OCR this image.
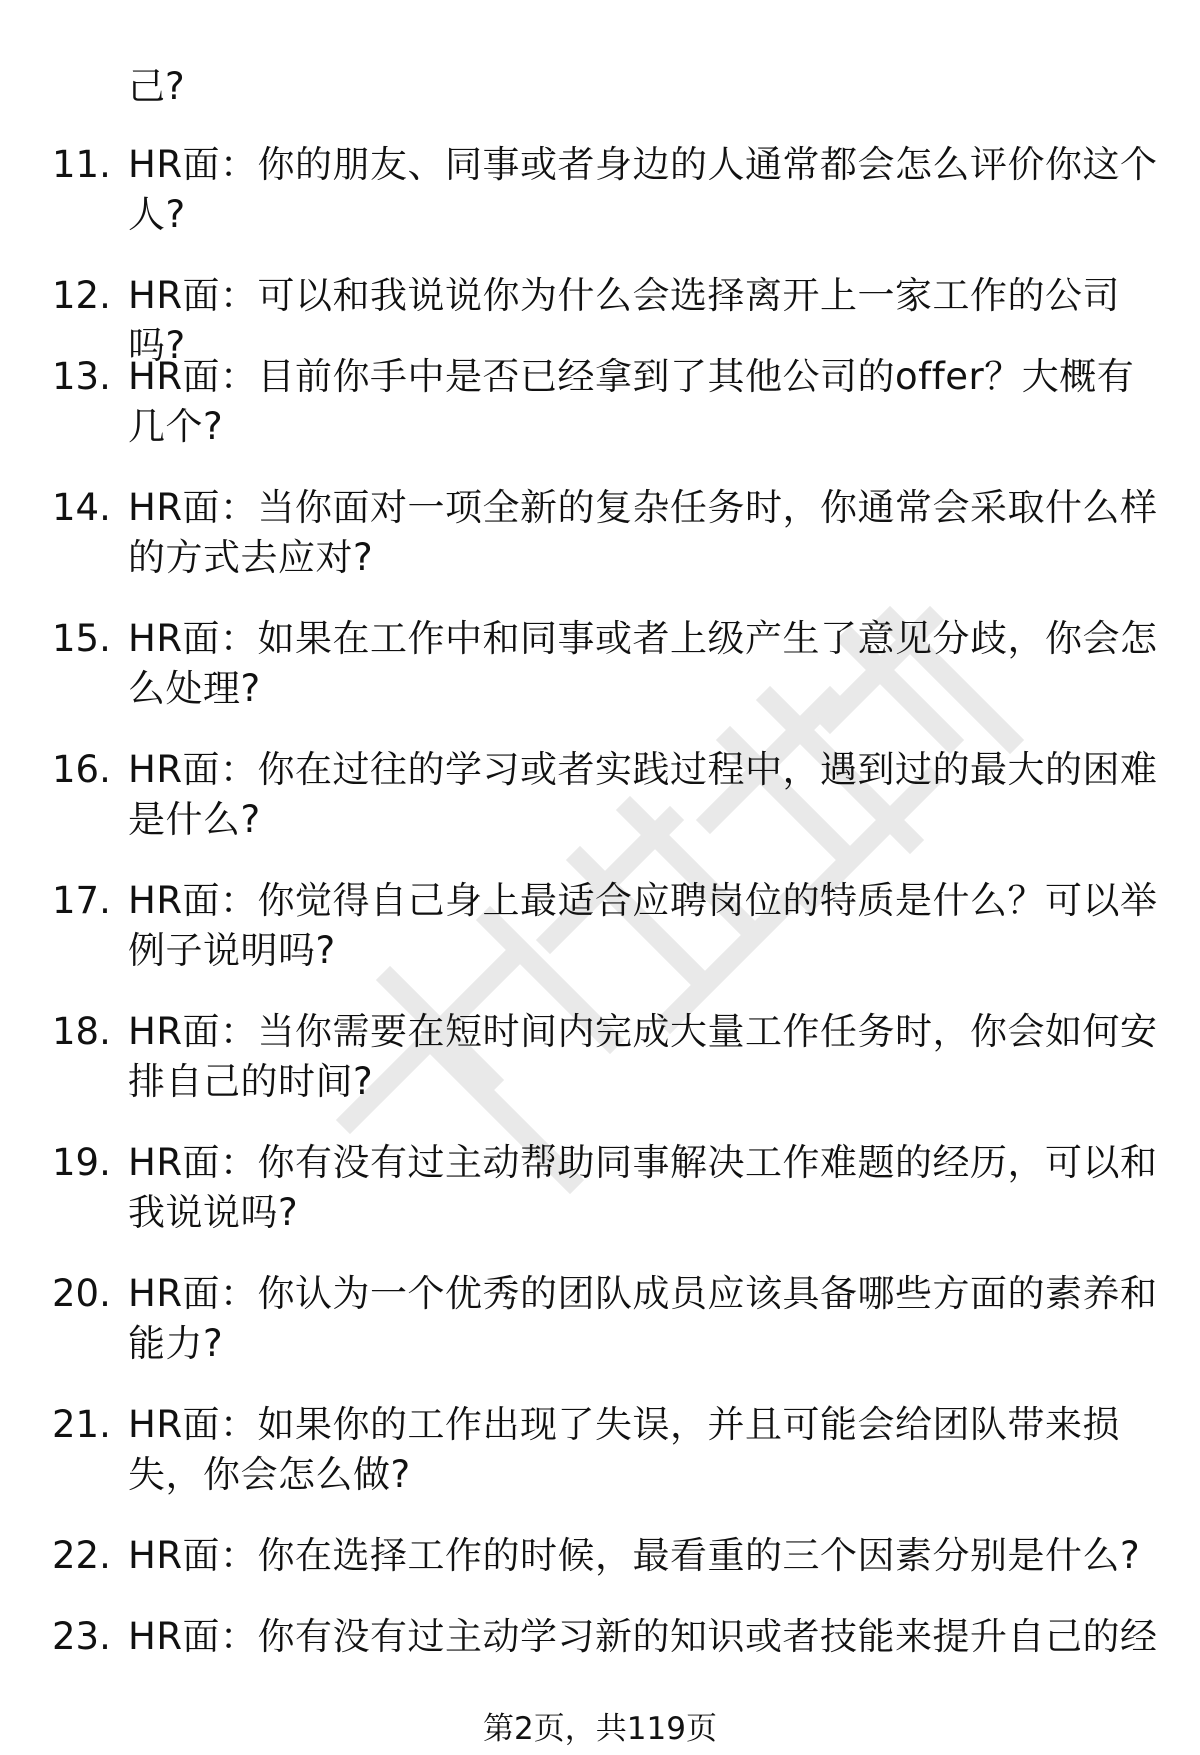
己?

11. HR面：你的朋友、同事或者身边的人通常都会怎么评价你这个人?
12. HR面：可以和我说说你为什么会选择离开上一家工作的公司吗?
13. HR面：目前你手中是否已经拿到了其他公司的offer？大概有几个?
14. HR面：当你面对一项全新的复杂任务时，你通常会采取什么样的方式去应对?
15. HR面：如果在工作中和同事或者上级产生了意见分歧，你会怎么处理?
16. HR面：你在过往的学习或者实践过程中，遇到过的最大的困难是什么?
17. HR面：你觉得自己身上最适合应聘岗位的特质是什么？可以举例子说明吗?
18. HR面：当你需要在短时间内完成大量工作任务时，你会如何安排自己的时间?
19. HR面：你有没有过主动帮助同事解决工作难题的经历，可以和我说说吗?
20. HR面：你认为一个优秀的团队成员应该具备哪些方面的素养和能力?
21. HR面：如果你的工作出现了失误，并且可能会给团队带来损失，你会怎么做?
22. HR面：你在选择工作的时候，最看重的三个因素分别是什么?
23. HR面：你有没有过主动学习新的知识或者技能来提升自己的经
第2页，共119页
